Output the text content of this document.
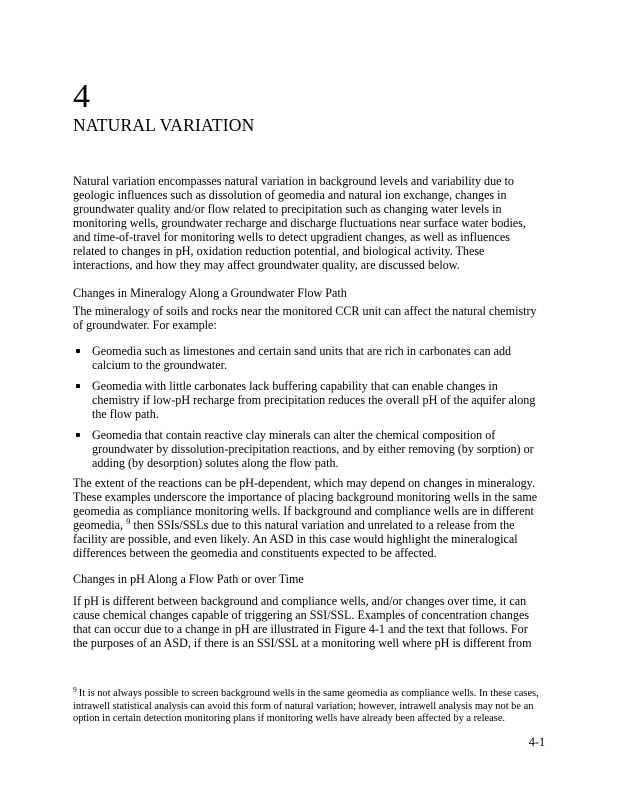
4
NATURAL VARIATION

Natural variation encompasses natural variation in background levels and variability due to geologic influences such as dissolution of geomedia and natural ion exchange, changes in groundwater quality and/or flow related to precipitation such as changing water levels in monitoring wells, groundwater recharge and discharge fluctuations near surface water bodies, and time-of-travel for monitoring wells to detect upgradient changes, as well as influences related to changes in pH, oxidation reduction potential, and biological activity. These interactions, and how they may affect groundwater quality, are discussed below.

Changes in Mineralogy Along a Groundwater Flow Path

The mineralogy of soils and rocks near the monitored CCR unit can affect the natural chemistry of groundwater. For example:

Geomedia such as limestones and certain sand units that are rich in carbonates can add calcium to the groundwater.
Geomedia with little carbonates lack buffering capability that can enable changes in chemistry if low-pH recharge from precipitation reduces the overall pH of the aquifer along the flow path.
Geomedia that contain reactive clay minerals can alter the chemical composition of groundwater by dissolution-precipitation reactions, and by either removing (by sorption) or adding (by desorption) solutes along the flow path.

The extent of the reactions can be pH-dependent, which may depend on changes in mineralogy. These examples underscore the importance of placing background monitoring wells in the same geomedia as compliance monitoring wells. If background and compliance wells are in different geomedia, $^9$ then SSIs/SSLs due to this natural variation and unrelated to a release from the facility are possible, and even likely. An ASD in this case would highlight the mineralogical differences between the geomedia and constituents expected to be affected.

Changes in pH Along a Flow Path or over Time

If pH is different between background and compliance wells, and/or changes over time, it can cause chemical changes capable of triggering an SSI/SSL. Examples of concentration changes that can occur due to a change in pH are illustrated in Figure 4-1 and the text that follows. For the purposes of an ASD, if there is an SSI/SSL at a monitoring well where pH is different from

$^9$ It is not always possible to screen background wells in the same geomedia as compliance wells. In these cases, intrawell statistical analysis can avoid this form of natural variation; however, intrawell analysis may not be an option in certain detection monitoring plans if monitoring wells have already been affected by a release.
4-1
